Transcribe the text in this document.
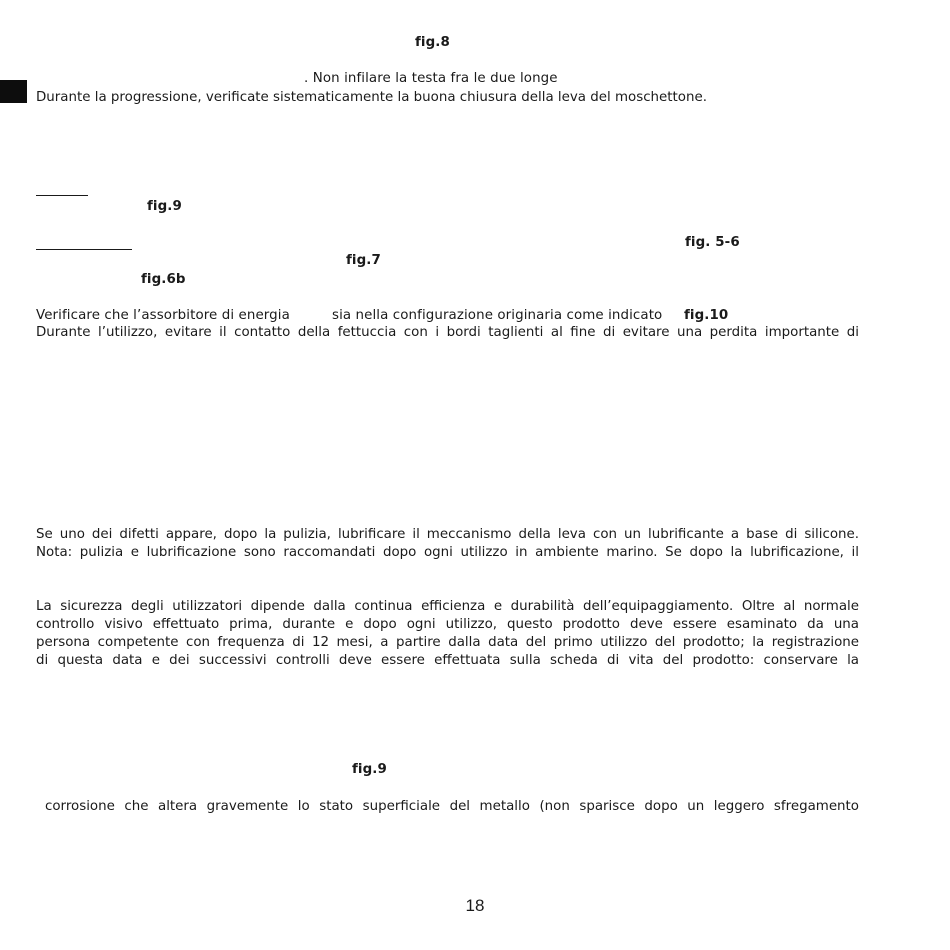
fig.8
. Non infilare la testa fra le due longe
Durante la progressione, verificate sistematicamente la buona chiusura della leva del moschettone.
fig.9
fig. 5-6
fig.7
fig.6b
Verificare che l’assorbitore di energia	sia nella configurazione originaria come indicato fig.10
Durante l’utilizzo, evitare il contatto della fettuccia con i bordi taglienti al fine di evitare una perdita importante di
Se uno dei difetti appare, dopo la pulizia, lubrificare il meccanismo della leva con un lubrificante a base di silicone.
Nota: pulizia e lubrificazione sono raccomandati dopo ogni utilizzo in ambiente marino. Se dopo la lubrificazione, il
La sicurezza degli utilizzatori dipende dalla continua efficienza e durabilità dell’equipaggiamento. Oltre al normale
controllo visivo effettuato prima, durante e dopo ogni utilizzo, questo prodotto deve essere esaminato da una
persona competente con frequenza di 12 mesi, a partire dalla data del primo utilizzo del prodotto; la registrazione
di questa data e dei successivi controlli deve essere effettuata sulla scheda di vita del prodotto: conservare la
fig.9
corrosione che altera gravemente lo stato superficiale del metallo (non sparisce dopo un leggero sfregamento
18
